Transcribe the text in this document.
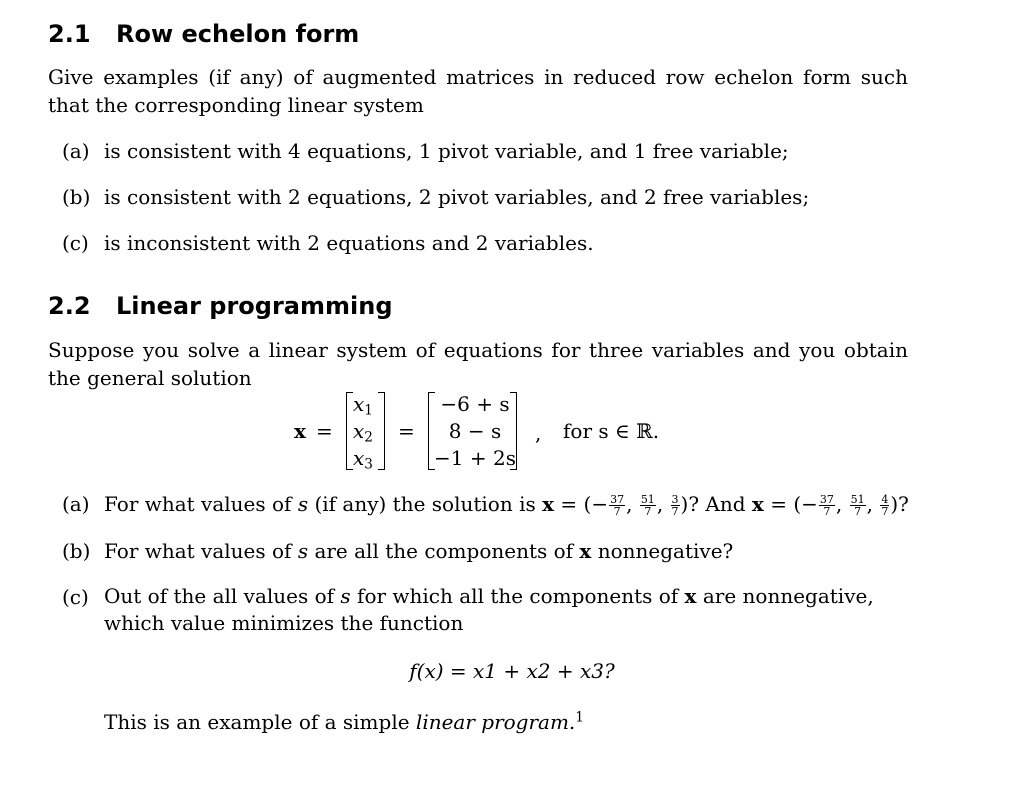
2.1 Row echelon form
Give examples (if any) of augmented matrices in reduced row echelon form such that the corresponding linear system
(a) is consistent with 4 equations, 1 pivot variable, and 1 free variable;
(b) is consistent with 2 equations, 2 pivot variables, and 2 free variables;
(c) is inconsistent with 2 equations and 2 variables.
2.2 Linear programming
Suppose you solve a linear system of equations for three variables and you obtain the general solution
x =
$x_1$
$x_2$
$x_3$
=
−6 + s
8 − s
−1 + 2s
, for s ∈ ℝ.
(a) For what values of s (if any) the solution is x = (− $\frac{37}{7}$ , $\frac{51}{7}$ , $\frac{3}{7}$ )? And x = (− $\frac{37}{7}$ , $\frac{51}{7}$ , $\frac{4}{7}$ )?
(b) For what values of s are all the components of x nonnegative?
(c) Out of the all values of s for which all the components of x are nonnegative, which value minimizes the function
f(x) = x1 + x2 + x3?
This is an example of a simple linear program.$^1$
